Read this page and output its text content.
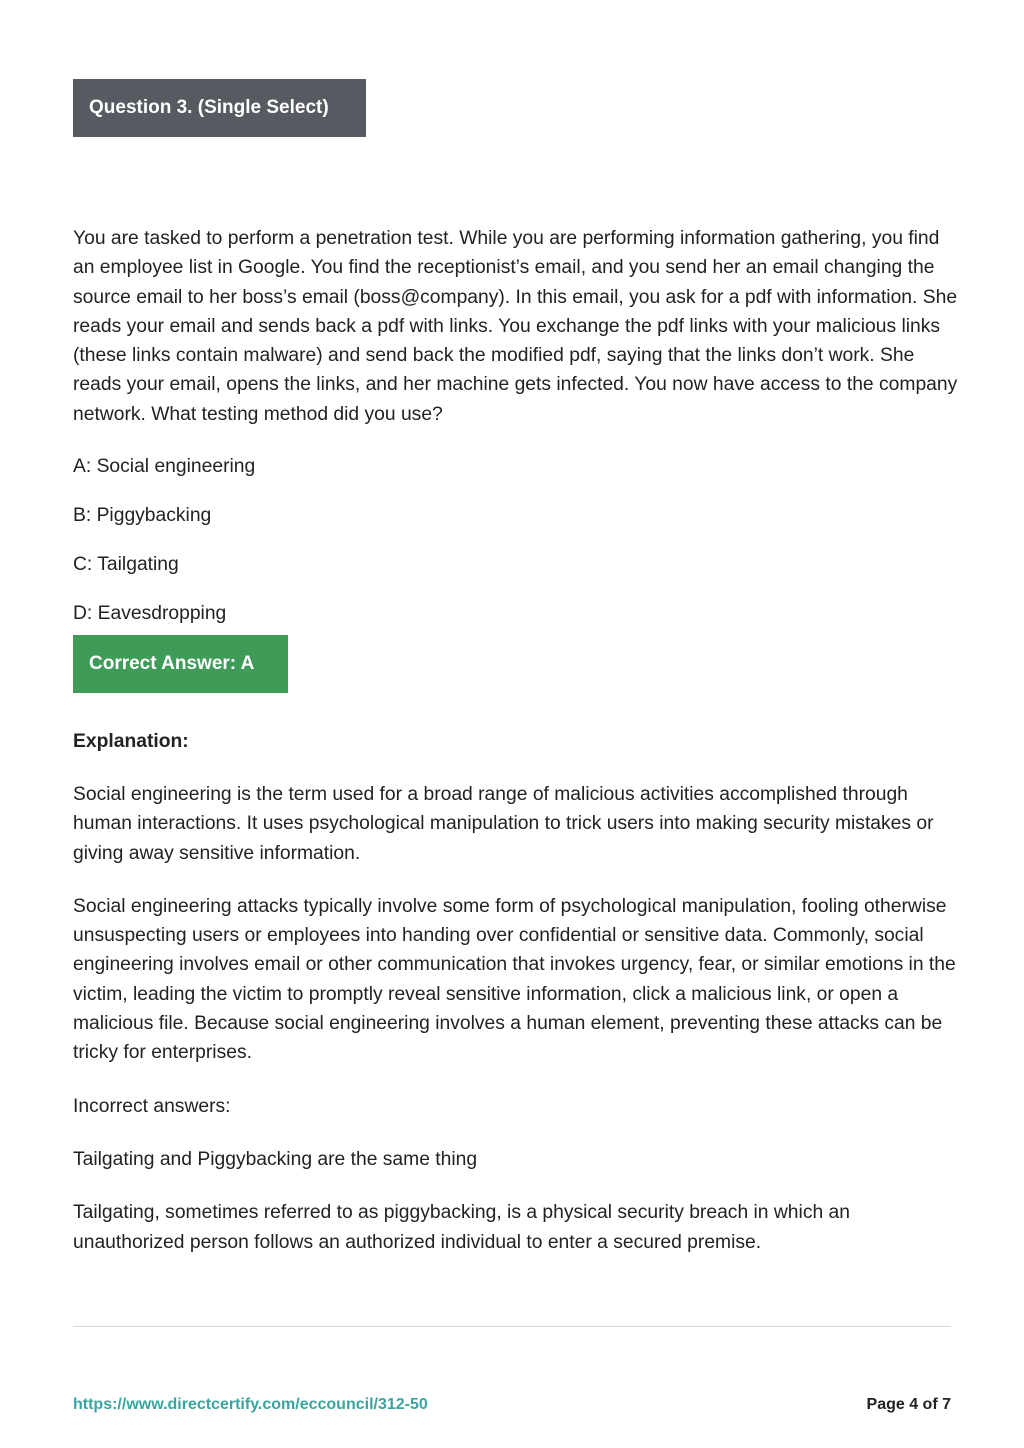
Question 3. (Single Select)

You are tasked to perform a penetration test. While you are performing information gathering, you find an employee list in Google. You find the receptionist’s email, and you send her an email changing the source email to her boss’s email (boss@company). In this email, you ask for a pdf with information. She reads your email and sends back a pdf with links. You exchange the pdf links with your malicious links (these links contain malware) and send back the modified pdf, saying that the links don’t work. She reads your email, opens the links, and her machine gets infected. You now have access to the company network. What testing method did you use?

A: Social engineering
B: Piggybacking
C: Tailgating
D: Eavesdropping
Correct Answer: A

Explanation:

Social engineering is the term used for a broad range of malicious activities accomplished through human interactions. It uses psychological manipulation to trick users into making security mistakes or giving away sensitive information.

Social engineering attacks typically involve some form of psychological manipulation, fooling otherwise unsuspecting users or employees into handing over confidential or sensitive data. Commonly, social engineering involves email or other communication that invokes urgency, fear, or similar emotions in the victim, leading the victim to promptly reveal sensitive information, click a malicious link, or open a malicious file. Because social engineering involves a human element, preventing these attacks can be tricky for enterprises.

Incorrect answers:

Tailgating and Piggybacking are the same thing

Tailgating, sometimes referred to as piggybacking, is a physical security breach in which an unauthorized person follows an authorized individual to enter a secured premise.

https://www.directcertify.com/eccouncil/312-50	Page 4 of 7
